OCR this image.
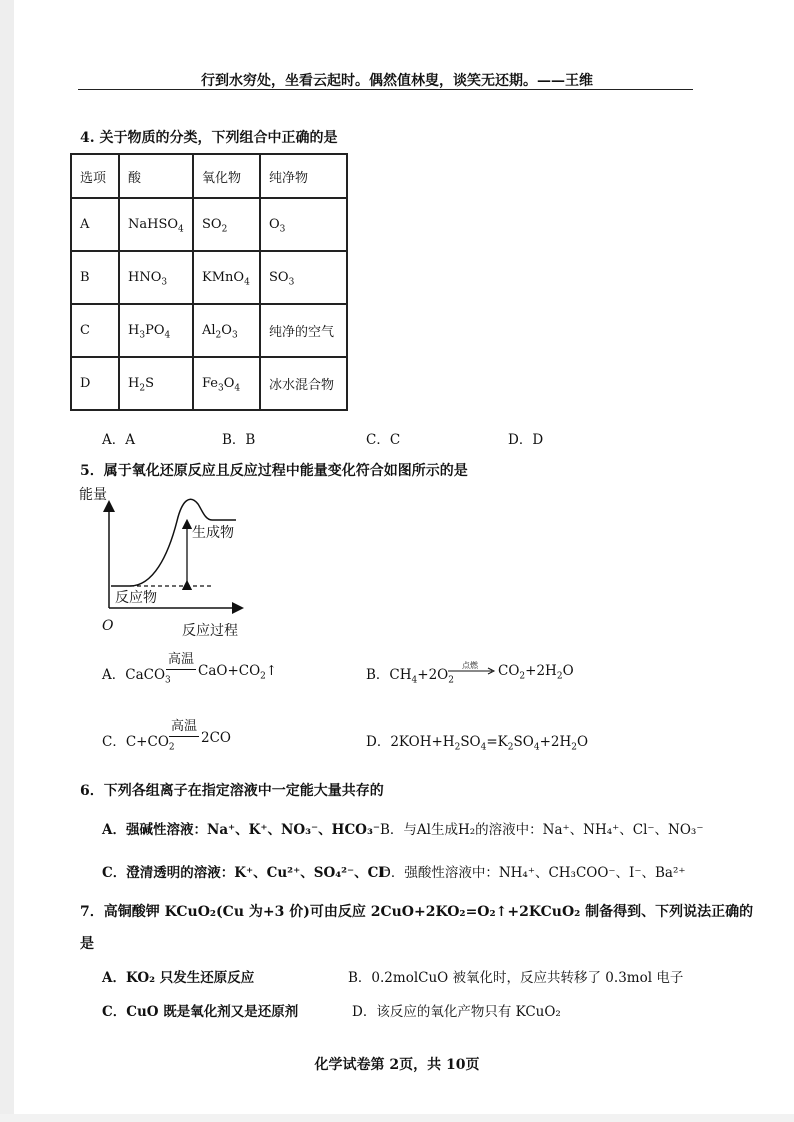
行到水穷处，坐看云起时。偶然值林叟，谈笑无还期。——王维
4. 关于物质的分类，下列组合中正确的是
选项	酸	氧化物	纯净物
A	NaHSO$_4$	$SO_2$	$O_3$
B	$HNO_3$	KMnO$_4$	$SO_3$
C	$H_3PO_4$	$Al_2O_3$	纯净的空气
D	$H_2S$	$Fe_3O_4$	冰水混合物
A．A	B．B	C．C	D．D
5．属于氧化还原反应且反应过程中能量变化符合如图所示的是
能量
生成物
反应物
O	反应过程
A．CaCO$_3$
高温
$CaO+CO_2↑$	B．$CH_4+2O_2$
点燃 → $CO_2+2H_2O$
C．$C+CO_2$
高温
2CO	D．$2KOH+H_2SO_4=K_2SO_4+2H_2O$
6．下列各组离子在指定溶液中一定能大量共存的
A．强碱性溶液：Na⁺、K⁺、NO₃⁻、HCO₃⁻ B．与Al生成H₂的溶液中：Na⁺、NH₄⁺、Cl⁻、NO₃⁻
C．澄清透明的溶液：K⁺、Cu²⁺、SO₄²⁻、Cl⁻
D．强酸性溶液中：NH₄⁺、CH₃COO⁻、I⁻、Ba²⁺
7．高铜酸钾 KCuO₂(Cu 为+3 价)可由反应 2CuO+2KO₂=O₂↑+2KCuO₂ 制备得到、下列说法正确的
是
A．KO₂ 只发生还原反应	B．0.2molCuO 被氧化时，反应共转移了 0.3mol 电子
C．CuO 既是氧化剂又是还原剂	D．该反应的氧化产物只有 KCuO₂
化学试卷第 2页，共 10页
